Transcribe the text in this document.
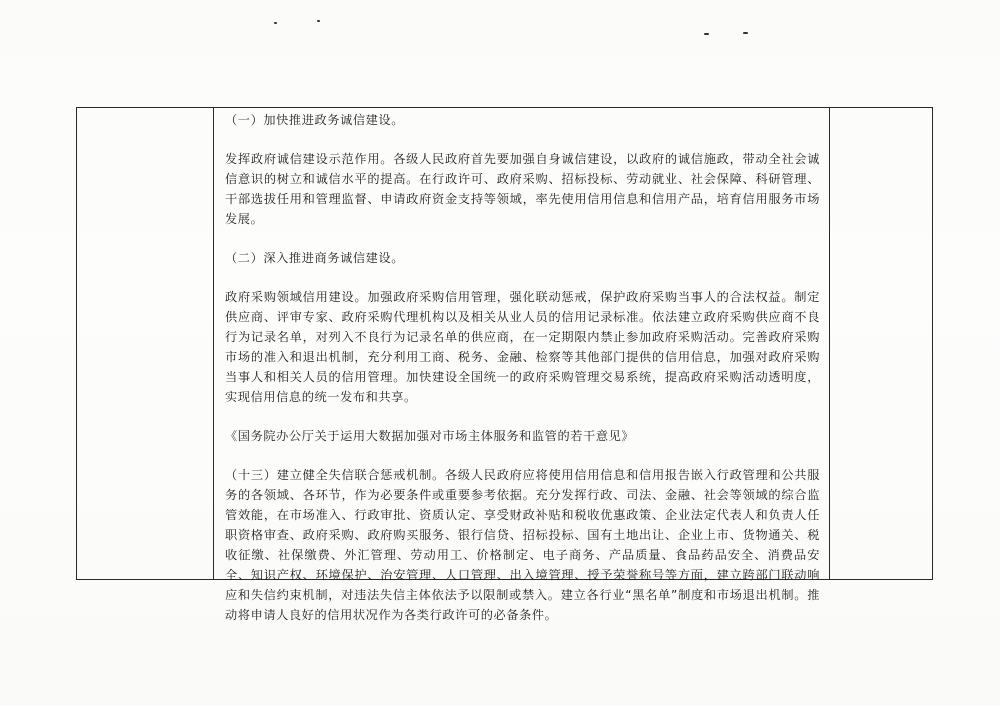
（一）加快推进政务诚信建设。

发挥政府诚信建设示范作用。各级人民政府首先要加强自身诚信建设，以政府的诚信施政，带动全社会诚信意识的树立和诚信水平的提高。在行政许可、政府采购、招标投标、劳动就业、社会保障、科研管理、干部选拔任用和管理监督、申请政府资金支持等领域，率先使用信用信息和信用产品，培育信用服务市场发展。

（二）深入推进商务诚信建设。

政府采购领域信用建设。加强政府采购信用管理，强化联动惩戒，保护政府采购当事人的合法权益。制定供应商、评审专家、政府采购代理机构以及相关从业人员的信用记录标准。依法建立政府采购供应商不良行为记录名单，对列入不良行为记录名单的供应商，在一定期限内禁止参加政府采购活动。完善政府采购市场的准入和退出机制，充分利用工商、税务、金融、检察等其他部门提供的信用信息，加强对政府采购当事人和相关人员的信用管理。加快建设全国统一的政府采购管理交易系统，提高政府采购活动透明度，实现信用信息的统一发布和共享。

《国务院办公厅关于运用大数据加强对市场主体服务和监管的若干意见》

（十三）建立健全失信联合惩戒机制。各级人民政府应将使用信用信息和信用报告嵌入行政管理和公共服务的各领域、各环节，作为必要条件或重要参考依据。充分发挥行政、司法、金融、社会等领域的综合监管效能，在市场准入、行政审批、资质认定、享受财政补贴和税收优惠政策、企业法定代表人和负责人任职资格审查、政府采购、政府购买服务、银行信贷、招标投标、国有土地出让、企业上市、货物通关、税收征缴、社保缴费、外汇管理、劳动用工、价格制定、电子商务、产品质量、食品药品安全、消费品安全、知识产权、环境保护、治安管理、人口管理、出入境管理、授予荣誉称号等方面，建立跨部门联动响应和失信约束机制，对违法失信主体依法予以限制或禁入。建立各行业“黑名单”制度和市场退出机制。推动将申请人良好的信用状况作为各类行政许可的必备条件。
